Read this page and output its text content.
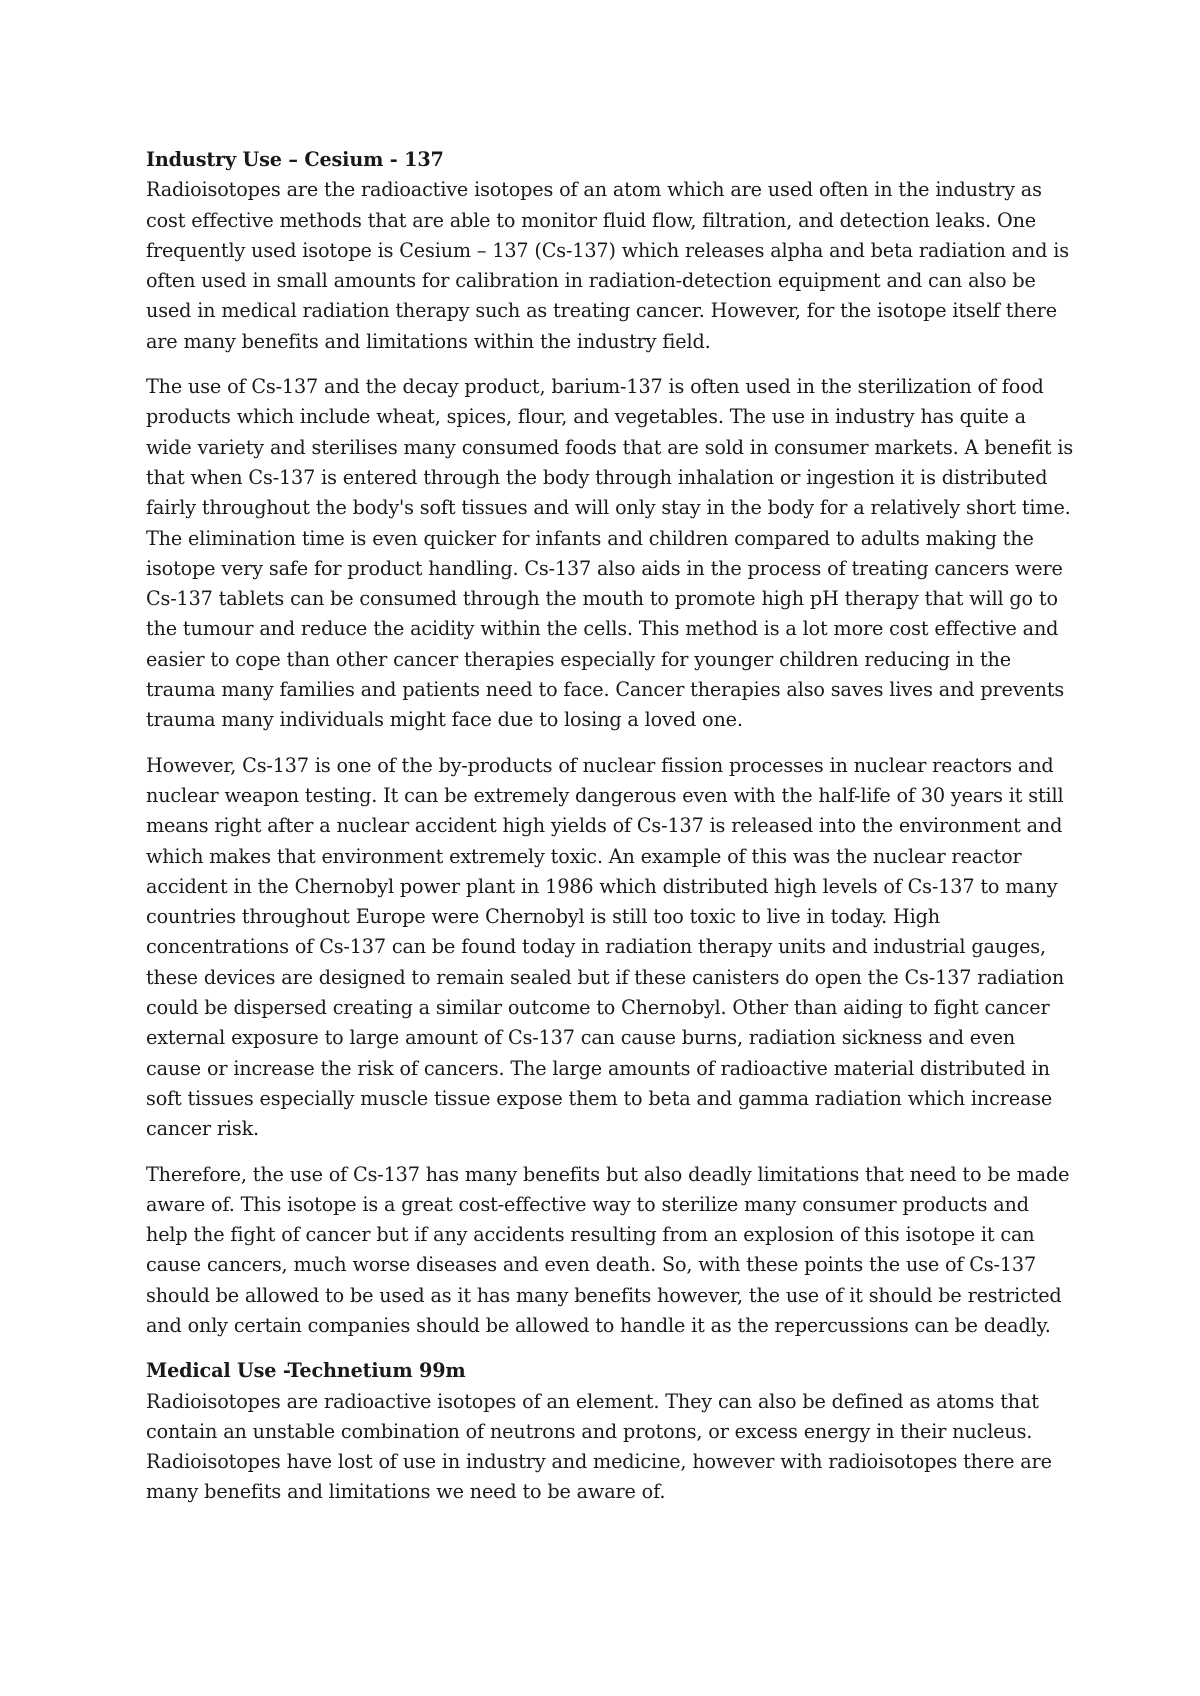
Industry Use – Cesium - 137

Radioisotopes are the radioactive isotopes of an atom which are used often in the industry as cost effective methods that are able to monitor fluid flow, filtration, and detection leaks. One frequently used isotope is Cesium – 137 (Cs-137) which releases alpha and beta radiation and is often used in small amounts for calibration in radiation-detection equipment and can also be used in medical radiation therapy such as treating cancer. However, for the isotope itself there are many benefits and limitations within the industry field.

The use of Cs-137 and the decay product, barium-137 is often used in the sterilization of food products which include wheat, spices, flour, and vegetables. The use in industry has quite a wide variety and sterilises many consumed foods that are sold in consumer markets. A benefit is that when Cs-137 is entered through the body through inhalation or ingestion it is distributed fairly throughout the body's soft tissues and will only stay in the body for a relatively short time. The elimination time is even quicker for infants and children compared to adults making the isotope very safe for product handling. Cs-137 also aids in the process of treating cancers were Cs-137 tablets can be consumed through the mouth to promote high pH therapy that will go to the tumour and reduce the acidity within the cells. This method is a lot more cost effective and easier to cope than other cancer therapies especially for younger children reducing in the trauma many families and patients need to face. Cancer therapies also saves lives and prevents trauma many individuals might face due to losing a loved one.

However, Cs-137 is one of the by-products of nuclear fission processes in nuclear reactors and nuclear weapon testing. It can be extremely dangerous even with the half-life of 30 years it still means right after a nuclear accident high yields of Cs-137 is released into the environment and which makes that environment extremely toxic. An example of this was the nuclear reactor accident in the Chernobyl power plant in 1986 which distributed high levels of Cs-137 to many countries throughout Europe were Chernobyl is still too toxic to live in today. High concentrations of Cs-137 can be found today in radiation therapy units and industrial gauges, these devices are designed to remain sealed but if these canisters do open the Cs-137 radiation could be dispersed creating a similar outcome to Chernobyl. Other than aiding to fight cancer external exposure to large amount of Cs-137 can cause burns, radiation sickness and even cause or increase the risk of cancers. The large amounts of radioactive material distributed in soft tissues especially muscle tissue expose them to beta and gamma radiation which increase cancer risk.

Therefore, the use of Cs-137 has many benefits but also deadly limitations that need to be made aware of. This isotope is a great cost-effective way to sterilize many consumer products and help the fight of cancer but if any accidents resulting from an explosion of this isotope it can cause cancers, much worse diseases and even death. So, with these points the use of Cs-137 should be allowed to be used as it has many benefits however, the use of it should be restricted and only certain companies should be allowed to handle it as the repercussions can be deadly.

Medical Use -Technetium 99m

Radioisotopes are radioactive isotopes of an element. They can also be defined as atoms that contain an unstable combination of neutrons and protons, or excess energy in their nucleus. Radioisotopes have lost of use in industry and medicine, however with radioisotopes there are many benefits and limitations we need to be aware of.
